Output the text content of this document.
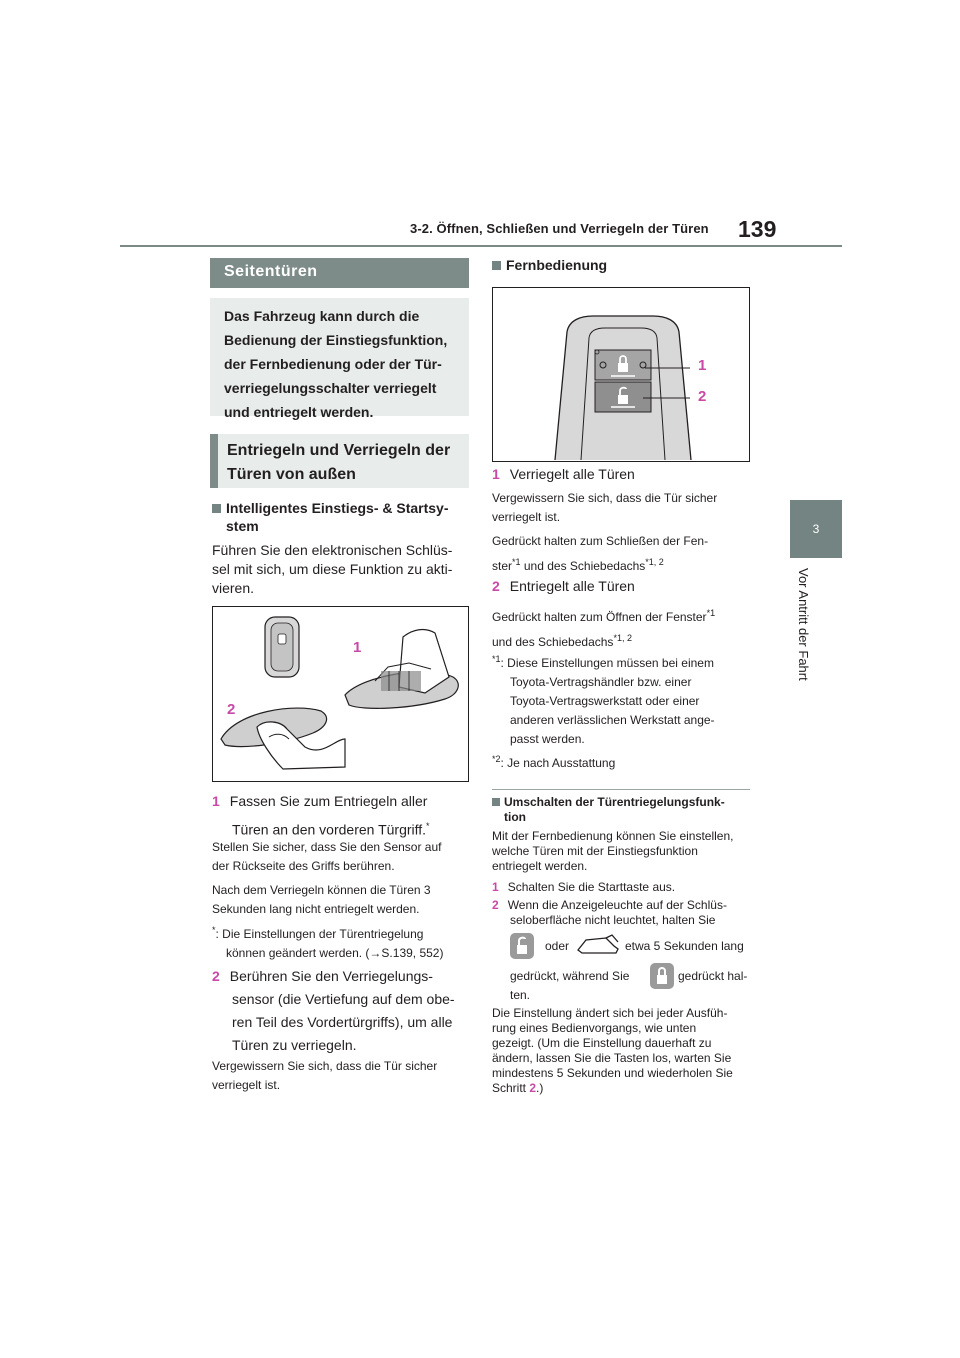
3-2. Öffnen, Schließen und Verriegeln der Türen 139
3
Vor Antritt der Fahrt
Seitentüren
Das Fahrzeug kann durch die
Bedienung der Einstiegsfunktion,
der Fernbedienung oder der Tür-
verriegelungsschalter verriegelt
und entriegelt werden.
Entriegeln und Verriegeln der
Türen von außen
Intelligentes Einstiegs- & Startsy-
stem
Führen Sie den elektronischen Schlüs-
sel mit sich, um diese Funktion zu akti-
vieren.
1
2
1 Fassen Sie zum Entriegeln aller
Türen an den vorderen Türgriff.*
Stellen Sie sicher, dass Sie den Sensor auf
der Rückseite des Griffs berühren.
Nach dem Verriegeln können die Türen 3
Sekunden lang nicht entriegelt werden.
*: Die Einstellungen der Türentriegelung
können geändert werden. (→S.139, 552)
2 Berühren Sie den Verriegelungs-
sensor (die Vertiefung auf dem obe-
ren Teil des Vordertürgriffs), um alle
Türen zu verriegeln.
Vergewissern Sie sich, dass die Tür sicher
verriegelt ist.
Fernbedienung
1
2
1 Verriegelt alle Türen
Vergewissern Sie sich, dass die Tür sicher
verriegelt ist.
Gedrückt halten zum Schließen der Fen-
ster$^{*1}$ und des Schiebedachs$^{*1, 2}$
2 Entriegelt alle Türen
Gedrückt halten zum Öffnen der Fenster$^{*1}$
und des Schiebedachs$^{*1, 2}$
$^{*1}$: Diese Einstellungen müssen bei einem
Toyota-Vertragshändler bzw. einer
Toyota-Vertragswerkstatt oder einer
anderen verlässlichen Werkstatt ange-
passt werden.
$^{*2}$: Je nach Ausstattung
Umschalten der Türentriegelungsfunk-
tion
Mit der Fernbedienung können Sie einstellen,
welche Türen mit der Einstiegsfunktion
entriegelt werden.
1 Schalten Sie die Starttaste aus.
2 Wenn die Anzeigeleuchte auf der Schlüs-
seloberfläche nicht leuchtet, halten Sie
oder	etwa 5 Sekunden lang
gedrückt, während Sie	gedrückt hal-
ten.
Die Einstellung ändert sich bei jeder Ausfüh-
rung eines Bedienvorgangs, wie unten
gezeigt. (Um die Einstellung dauerhaft zu
ändern, lassen Sie die Tasten los, warten Sie
mindestens 5 Sekunden und wiederholen Sie
Schritt 2.)
